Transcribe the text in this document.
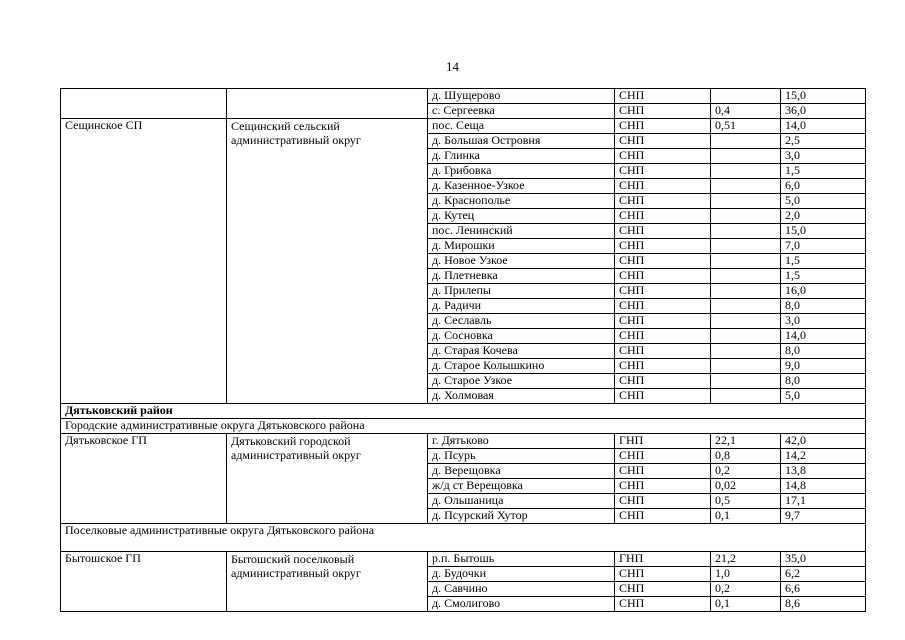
14
		д. Шущерово	СНП		15,0
		с. Сергеевка	СНП	0,4	36,0
Сещинское СП	Сещинский сельский административный округ	пос. Сеща	СНП	0,51	14,0
		д. Большая Островня	СНП		2,5
		д. Глинка	СНП		3,0
		д. Грибовка	СНП		1,5
		д. Казенное-Узкое	СНП		6,0
		д. Краснополье	СНП		5,0
		д. Кутец	СНП		2,0
		пос. Ленинский	СНП		15,0
		д. Мирошки	СНП		7,0
		д. Новое Узкое	СНП		1,5
		д. Плетневка	СНП		1,5
		д. Прилепы	СНП		16,0
		д. Радичи	СНП		8,0
		д. Сеславль	СНП		3,0
		д. Сосновка	СНП		14,0
		д. Старая Кочева	СНП		8,0
		д. Старое Колышкино	СНП		9,0
		д. Старое Узкое	СНП		8,0
		д. Холмовая	СНП		5,0
Дятьковский район					
Городские административные округа Дятьковского района					
Дятьковское ГП	Дятьковский городской административный округ	г. Дятьково	ГНП	22,1	42,0
		д. Псурь	СНП	0,8	14,2
		д. Верещовка	СНП	0,2	13,8
		ж/д ст Верещовка	СНП	0,02	14,8
		д. Ольшаница	СНП	0,5	17,1
		д. Псурский Хутор	СНП	0,1	9,7
Поселковые административные округа Дятьковского района					
Бытошское ГП	Бытошский поселковый административный округ	р.п. Бытошь	ГНП	21,2	35,0
		д. Будочки	СНП	1,0	6,2
		д. Савчино	СНП	0,2	6,6
		д. Смолигово	СНП	0,1	8,6
